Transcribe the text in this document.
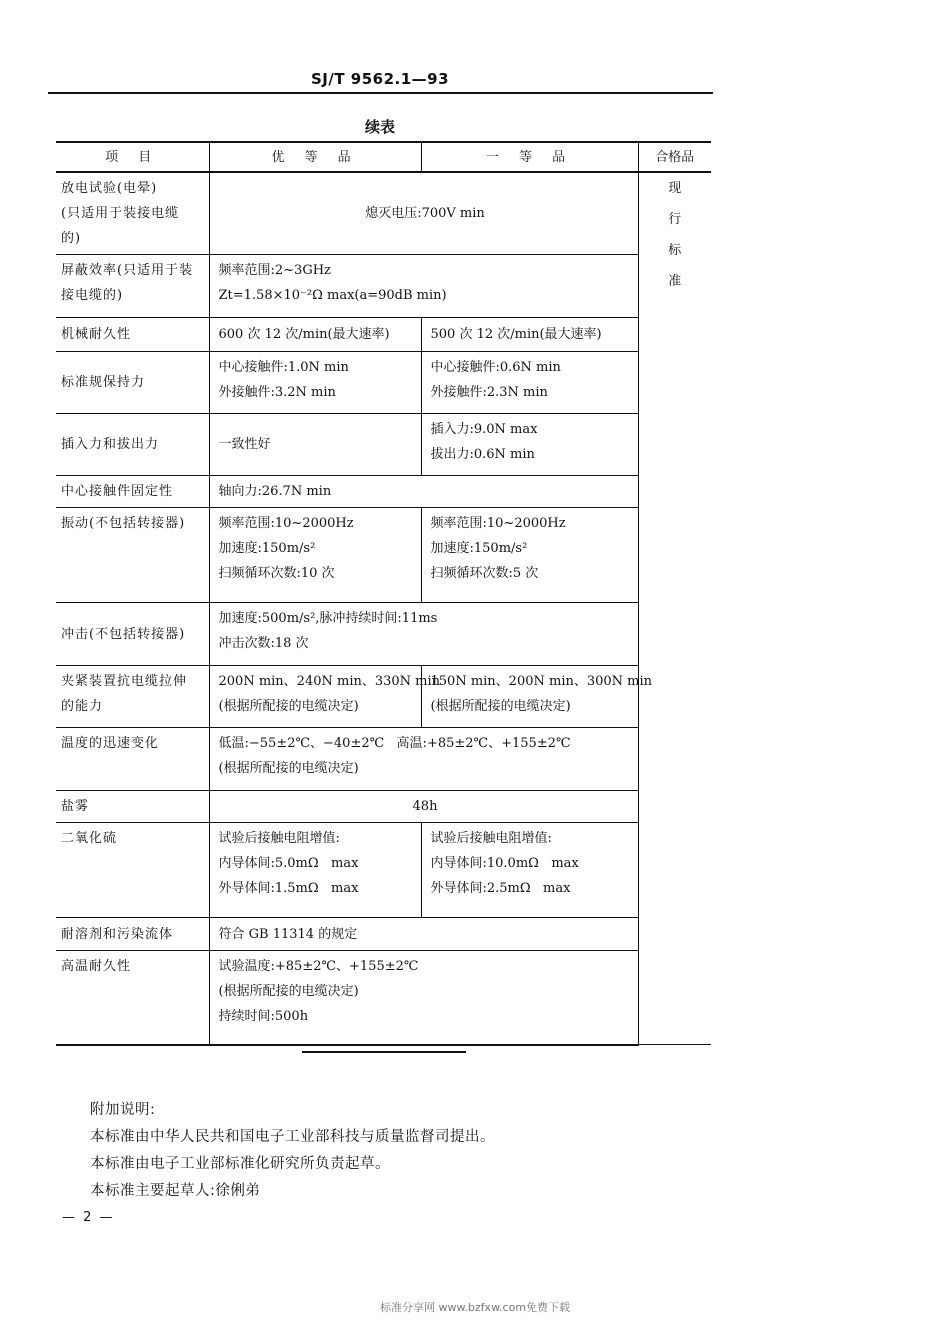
SJ/T 9562.1—93
续表
项 目	优 等 品	一 等 品	合格品

放电试验(电晕)
(只适用于装接电缆
的)	熄灭电压:700V min		现
行
标
准

屏蔽效率(只适用于装
接电缆的)	频率范围:2~3GHz
Zt=1.58×10⁻²Ω max(a=90dB min)		

机械耐久性	600 次 12 次/min(最大速率)	500 次 12 次/min(最大速率)	

标准规保持力	中心接触件:1.0N min
外接触件:3.2N min	中心接触件:0.6N min
外接触件:2.3N min	

插入力和拔出力	一致性好	插入力:9.0N max
拔出力:0.6N min	

中心接触件固定性	轴向力:26.7N min		

振动(不包括转接器)	频率范围:10~2000Hz
加速度:150m/s²
扫频循环次数:10 次	频率范围:10~2000Hz
加速度:150m/s²
扫频循环次数:5 次	

冲击(不包括转接器)	加速度:500m/s²,脉冲持续时间:11ms
冲击次数:18 次		

夹紧装置抗电缆拉伸
的能力	200N min、240N min、330N min
(根据所配接的电缆决定)	150N min、200N min、300N min
(根据所配接的电缆决定)	

温度的迅速变化	低温:−55±2℃、−40±2℃   高温:+85±2℃、+155±2℃
(根据所配接的电缆决定)		

盐雾	48h		

二氧化硫	试验后接触电阻增值:
内导体间:5.0mΩ   max
外导体间:1.5mΩ   max	试验后接触电阻增值:
内导体间:10.0mΩ   max
外导体间:2.5mΩ   max	

耐溶剂和污染流体	符合 GB 11314 的规定		

高温耐久性	试验温度:+85±2℃、+155±2℃
(根据所配接的电缆决定)
持续时间:500h		
附加说明:
本标准由中华人民共和国电子工业部科技与质量监督司提出。
本标准由电子工业部标准化研究所负责起草。
本标准主要起草人:徐俐弟
— 2 —
标准分享网 www.bzfxw.com免费下载
